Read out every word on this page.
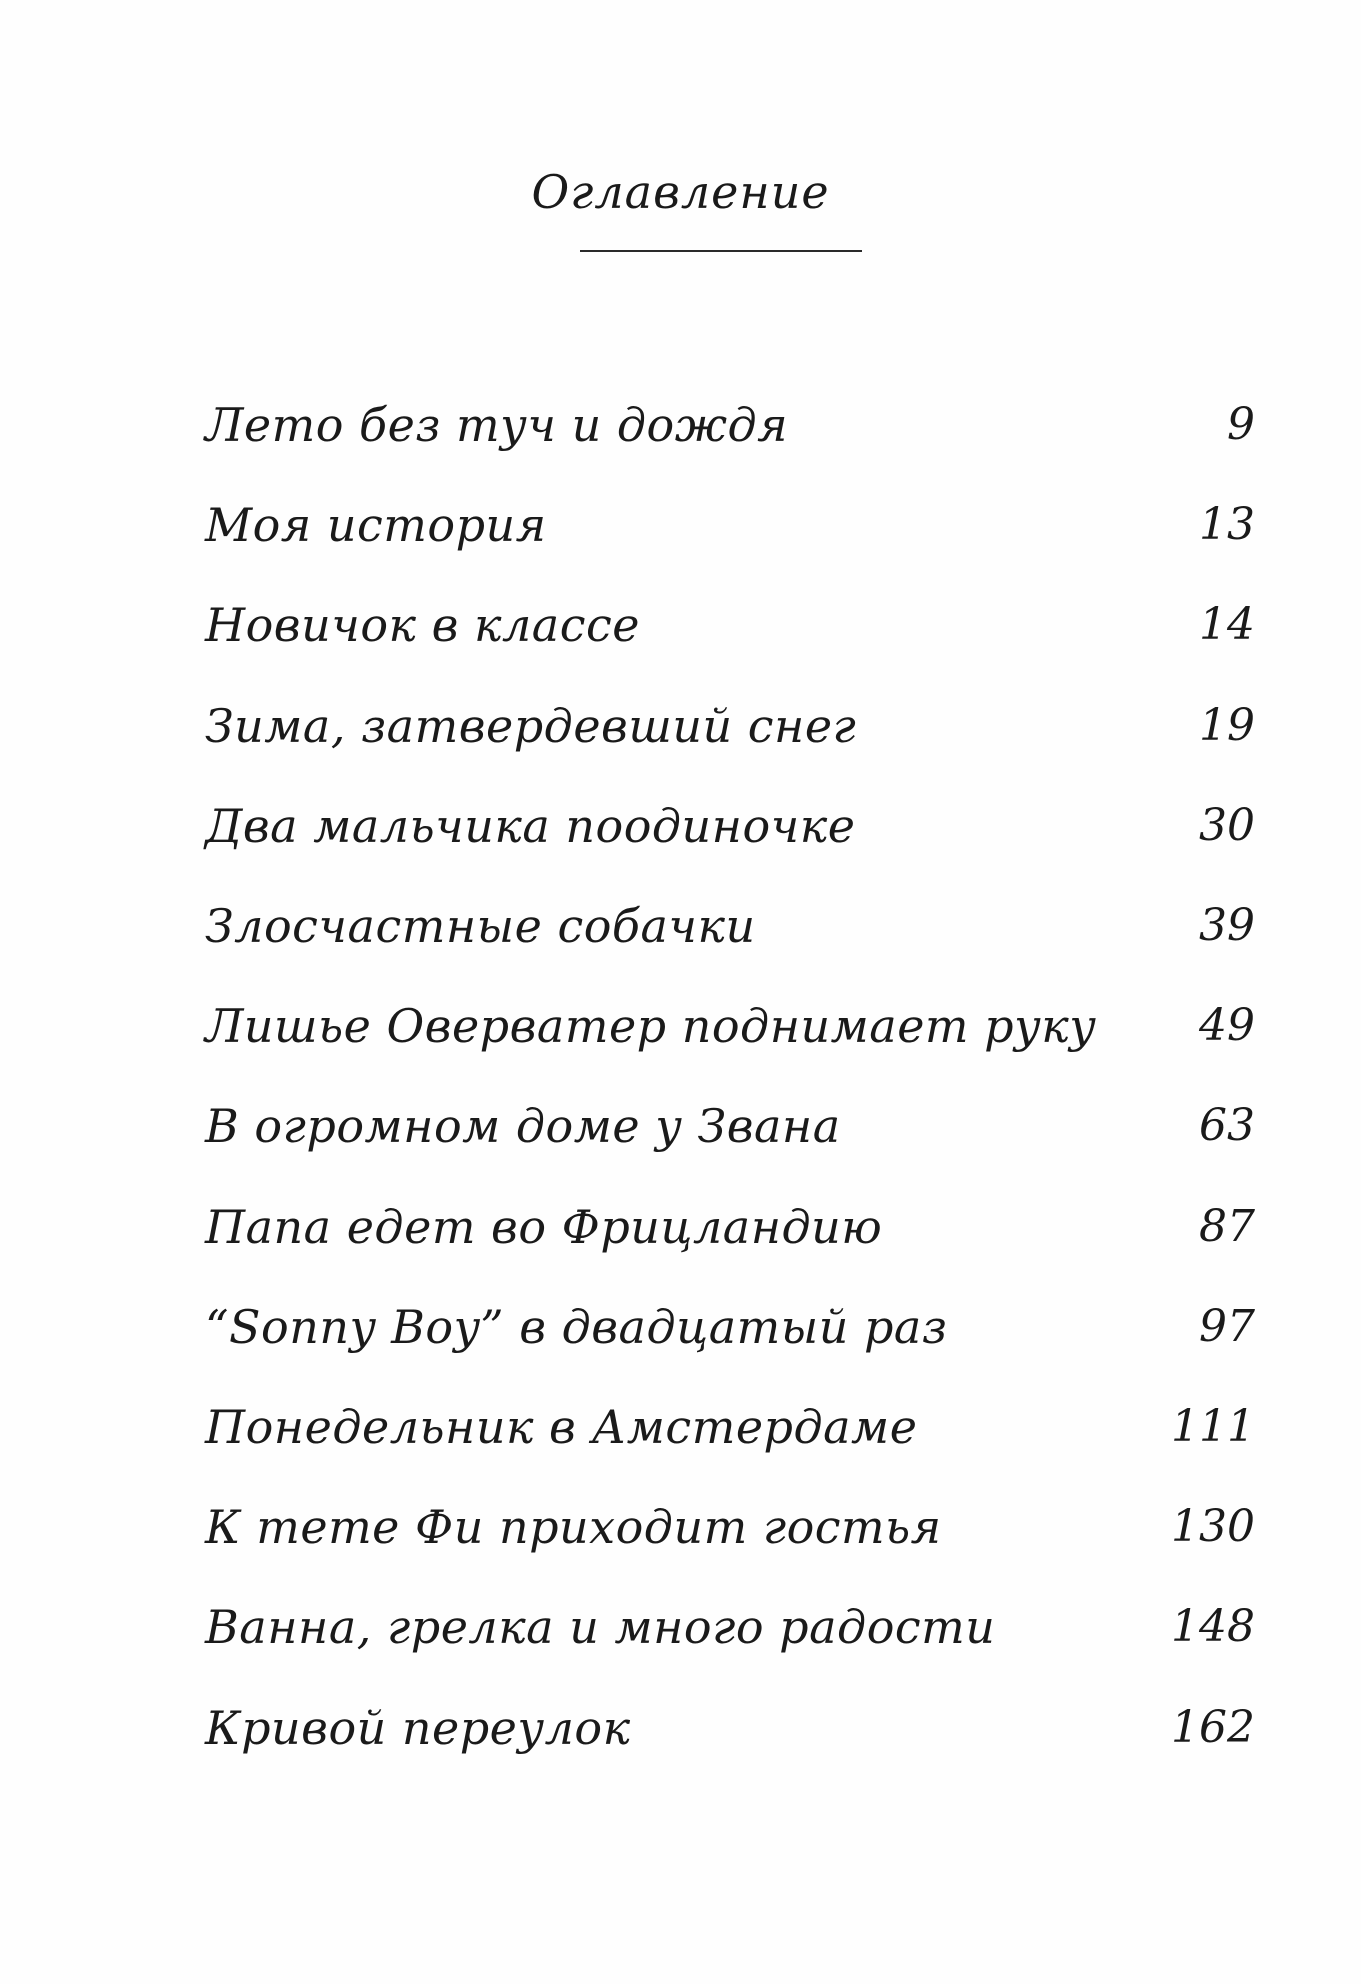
Оглавление
Лето без туч и дождя	9
Моя история	13
Новичок в классе	14
Зима, затвердевший снег	19
Два мальчика поодиночке	30
Злосчастные собачки	39
Лишье Оверватер поднимает руку	49
В огромном доме у Звана	63
Папа едет во Фрицландию	87
“Sonny Boy” в двадцатый раз	97
Понедельник в Амстердаме	111
К тете Фи приходит гостья	130
Ванна, грелка и много радости	148
Кривой переулок	162
